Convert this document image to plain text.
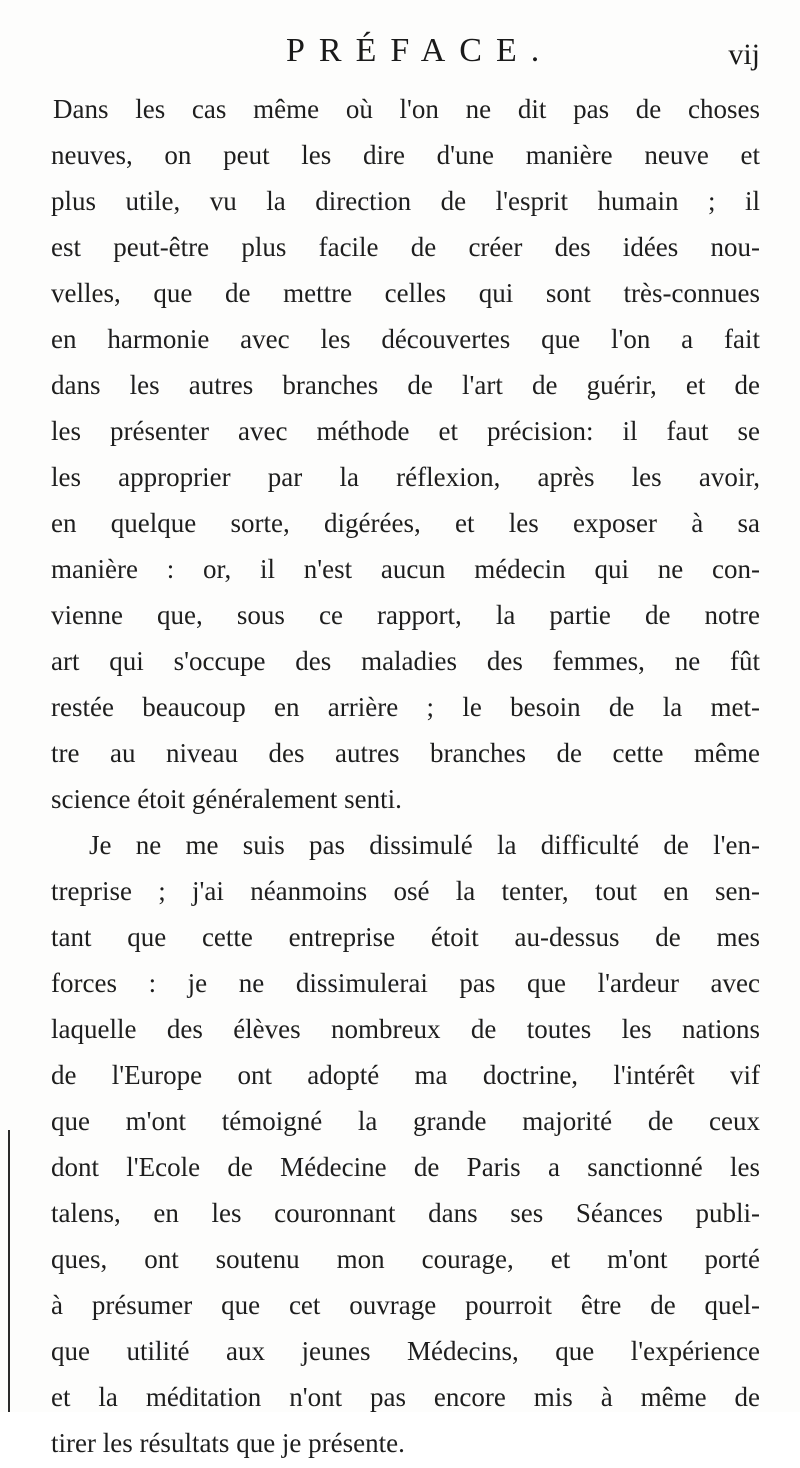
PRÉFACE.	vij
Dans les cas même où l'on ne dit pas de choses
neuves, on peut les dire d'une manière neuve et
plus utile, vu la direction de l'esprit humain ; il
est peut-être plus facile de créer des idées nou-
velles, que de mettre celles qui sont très-connues
en harmonie avec les découvertes que l'on a fait
dans les autres branches de l'art de guérir, et de
les présenter avec méthode et précision: il faut se
les approprier par la réflexion, après les avoir,
en quelque sorte, digérées, et les exposer à sa
manière : or, il n'est aucun médecin qui ne con-
vienne que, sous ce rapport, la partie de notre
art qui s'occupe des maladies des femmes, ne fût
restée beaucoup en arrière ; le besoin de la met-
tre au niveau des autres branches de cette même
science étoit généralement senti.
Je ne me suis pas dissimulé la difficulté de l'en-
treprise ; j'ai néanmoins osé la tenter, tout en sen-
tant que cette entreprise étoit au-dessus de mes
forces : je ne dissimulerai pas que l'ardeur avec
laquelle des élèves nombreux de toutes les nations
de l'Europe ont adopté ma doctrine, l'intérêt vif
que m'ont témoigné la grande majorité de ceux
dont l'Ecole de Médecine de Paris a sanctionné les
talens, en les couronnant dans ses Séances publi-
ques, ont soutenu mon courage, et m'ont porté
à présumer que cet ouvrage pourroit être de quel-
que utilité aux jeunes Médecins, que l'expérience
et la méditation n'ont pas encore mis à même de
tirer les résultats que je présente.
